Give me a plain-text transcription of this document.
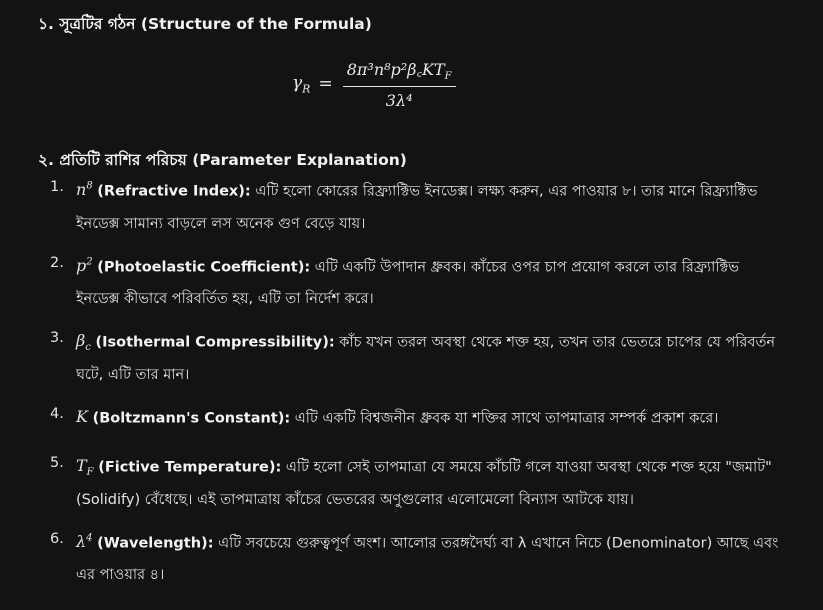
১. সূত্রটির গঠন (Structure of the Formula)
$\gamma_R = \frac{8\pi^3n^8p^2\beta꜀KT_F}{\text{3λ⁴}}$
২. প্রতিটি রাশির পরিচয় (Parameter Explanation)
1. $n^8$ (Refractive Index): এটি হলো কোরের রিফ্র্যাক্টিভ ইনডেক্স। লক্ষ্য করুন, এর পাওয়ার ৮। তার মানে রিফ্র্যাক্টিভ ইনডেক্স সামান্য বাড়লে লস অনেক গুণ বেড়ে যায়।
2. $p^2$ (Photoelastic Coefficient): এটি একটি উপাদান ধ্রুবক। কাঁচের ওপর চাপ প্রয়োগ করলে তার রিফ্র্যাক্টিভ ইনডেক্স কীভাবে পরিবর্তিত হয়, এটি তা নির্দেশ করে।
3. $\beta_c$ (Isothermal Compressibility): কাঁচ যখন তরল অবস্থা থেকে শক্ত হয়, তখন তার ভেতরে চাপের যে পরিবর্তন ঘটে, এটি তার মান।
4. K (Boltzmann's Constant): এটি একটি বিশ্বজনীন ধ্রুবক যা শক্তির সাথে তাপমাত্রার সম্পর্ক প্রকাশ করে।
5. $T_F$ (Fictive Temperature): এটি হলো সেই তাপমাত্রা যে সময়ে কাঁচটি গলে যাওয়া অবস্থা থেকে শক্ত হয়ে "জমাট" (Solidify) বেঁধেছে। এই তাপমাত্রায় কাঁচের ভেতরের অণুগুলোর এলোমেলো বিন্যাস আটকে যায়।
6. $\lambda^4$ (Wavelength): এটি সবচেয়ে গুরুত্বপূর্ণ অংশ। আলোর তরঙ্গদৈর্ঘ্য বা λ এখানে নিচে (Denominator) আছে এবং এর পাওয়ার ৪।
